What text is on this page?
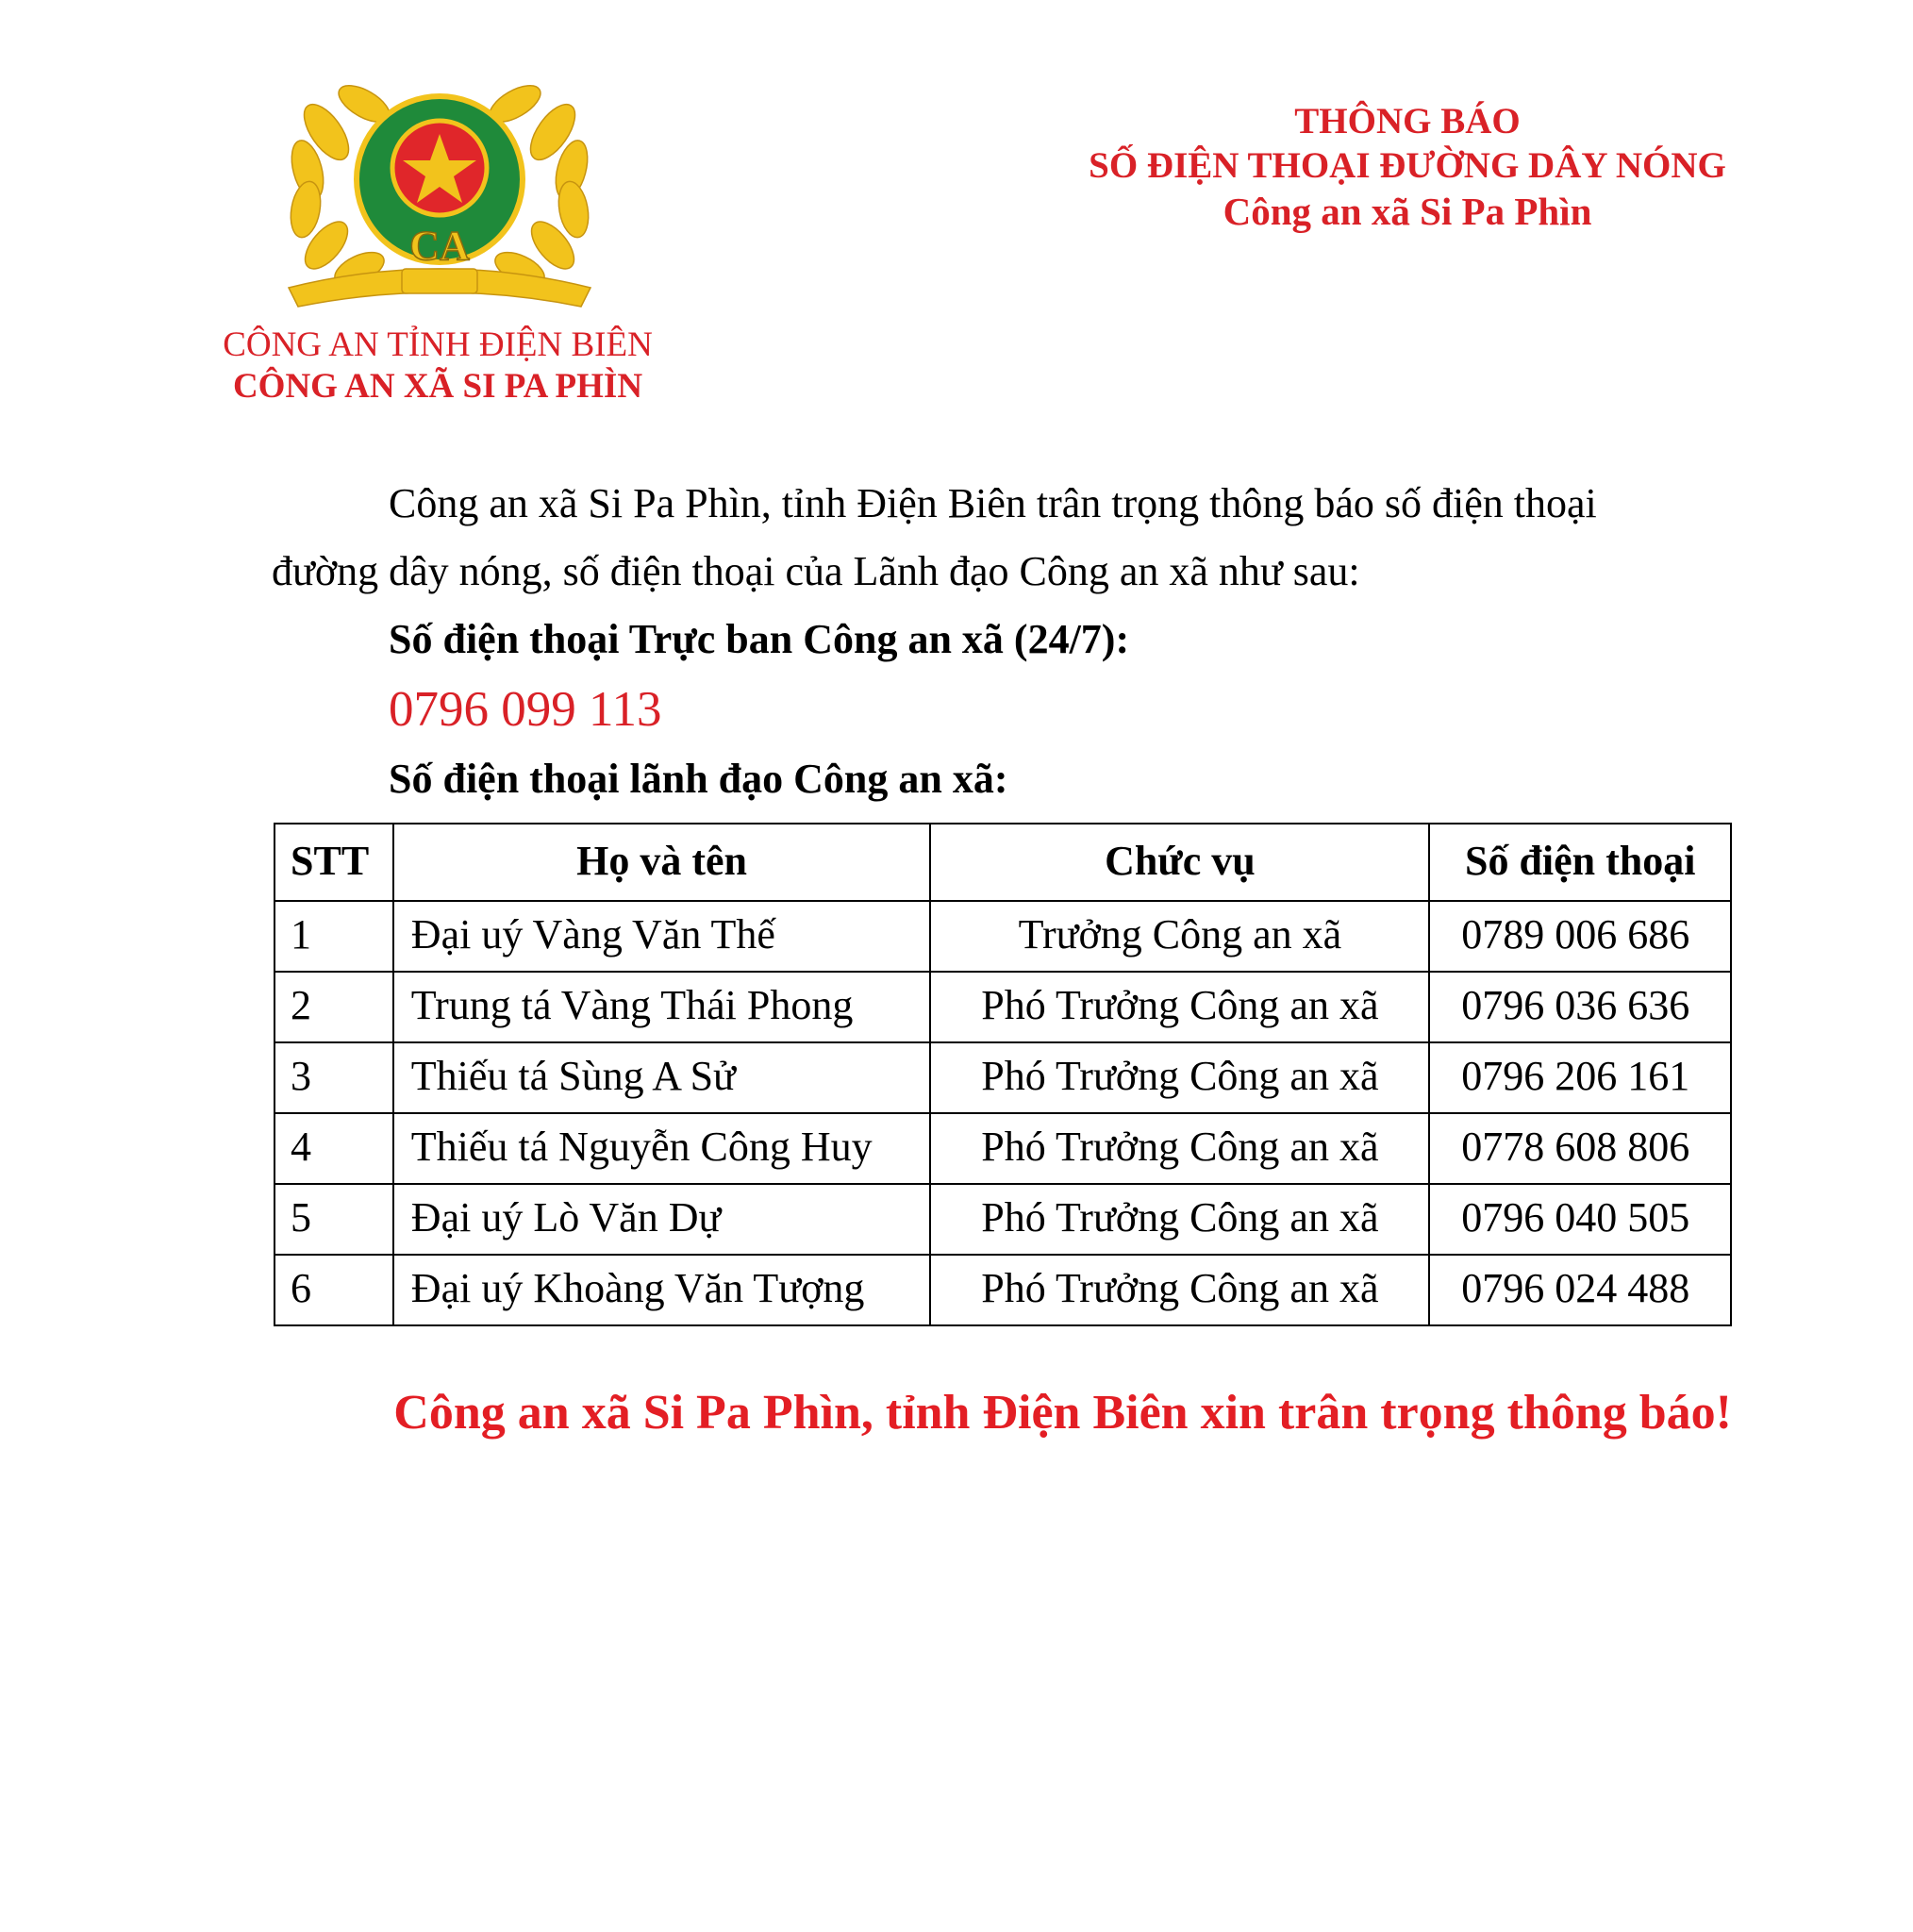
CA
CÔNG AN TỈNH ĐIỆN BIÊN
CÔNG AN XÃ SI PA PHÌN
THÔNG BÁO
SỐ ĐIỆN THOẠI ĐƯỜNG DÂY NÓNG
Công an xã Si Pa Phìn
Công an xã Si Pa Phìn, tỉnh Điện Biên trân trọng thông báo số điện thoại
đường dây nóng, số điện thoại của Lãnh đạo Công an xã như sau:
Số điện thoại Trực ban Công an xã (24/7):
0796 099 113
Số điện thoại lãnh đạo Công an xã:
STT	Họ và tên	Chức vụ	Số điện thoại
1	Đại uý Vàng Văn Thế	Trưởng Công an xã	0789 006 686
2	Trung tá Vàng Thái Phong	Phó Trưởng Công an xã	0796 036 636
3	Thiếu tá Sùng A Sử	Phó Trưởng Công an xã	0796 206 161
4	Thiếu tá Nguyễn Công Huy	Phó Trưởng Công an xã	0778 608 806
5	Đại uý Lò Văn Dự	Phó Trưởng Công an xã	0796 040 505
6	Đại uý Khoàng Văn Tượng	Phó Trưởng Công an xã	0796 024 488
Công an xã Si Pa Phìn, tỉnh Điện Biên xin trân trọng thông báo!
